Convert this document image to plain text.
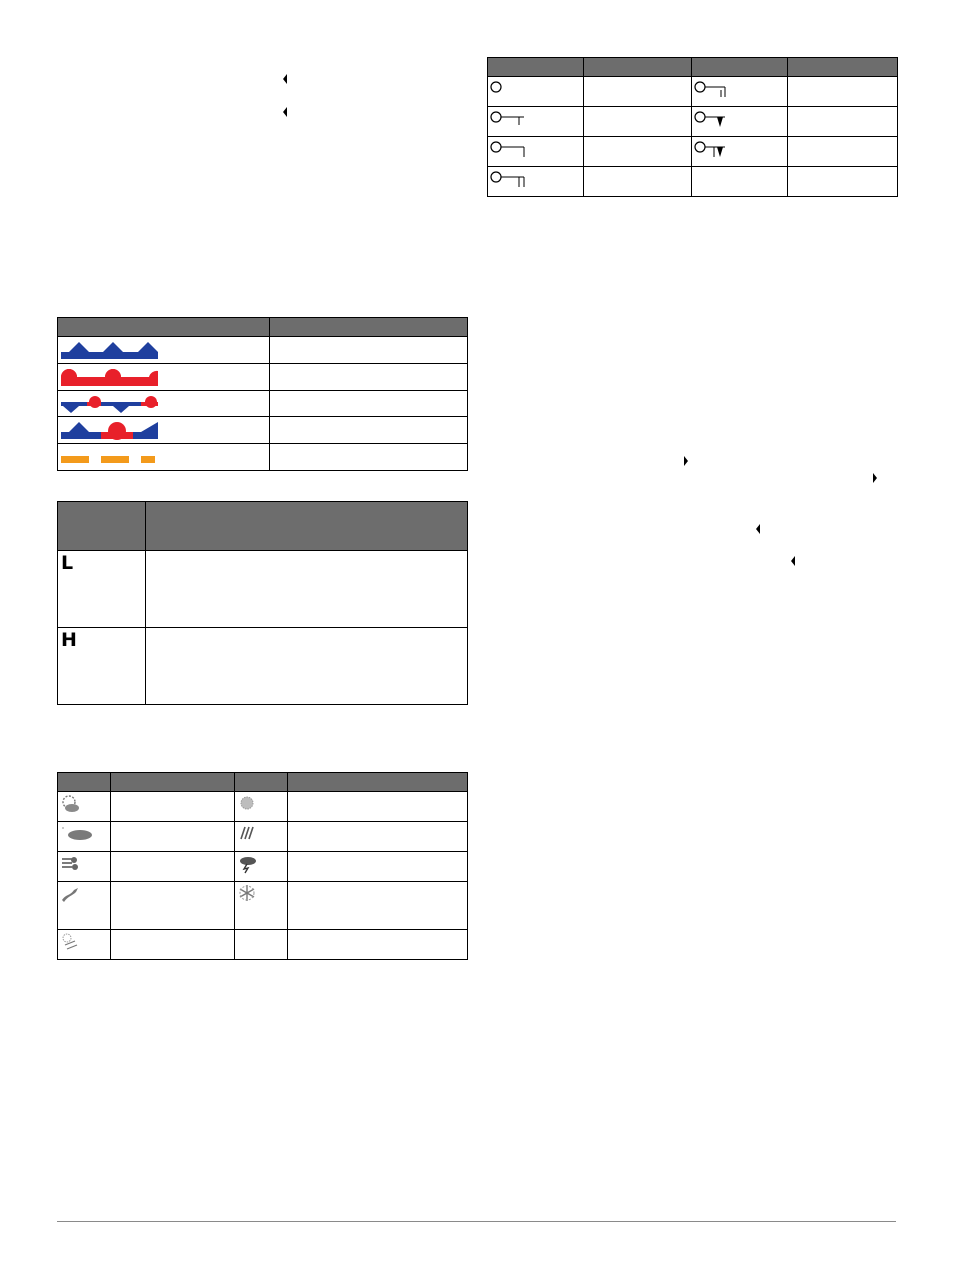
L	

H	
